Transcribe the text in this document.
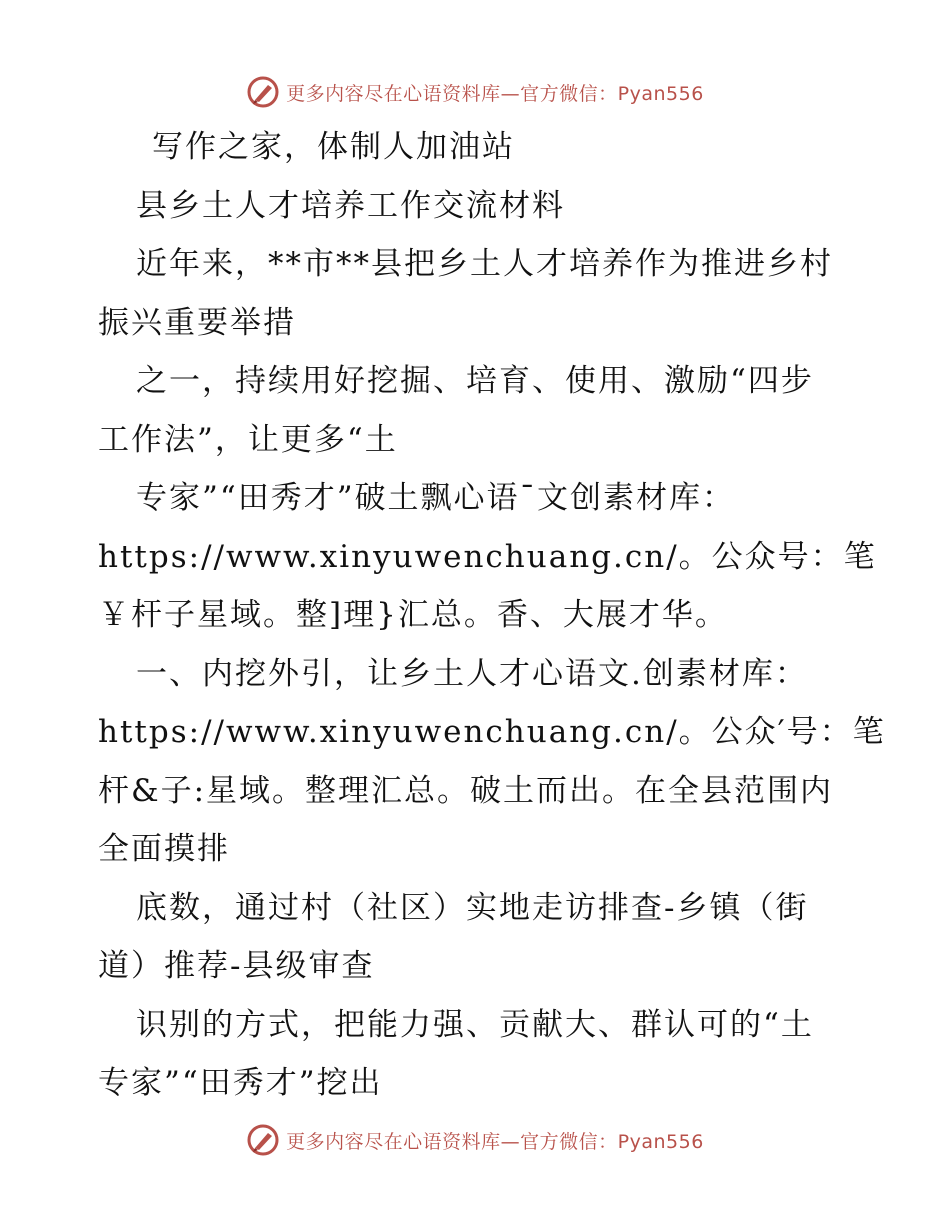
更多内容尽在心语资料库—官方微信：Pyan556
写作之家，体制人加油站
县乡土人才培养工作交流材料
近年来，**市**县把乡土人才培养作为推进乡村
振兴重要举措
之一，持续用好挖掘、培育、使用、激励“四步
工作法”，让更多“土
专家”“田秀才”破土飘心语¯文创素材库：
https://www.xinyuwenchuang.cn/。公众号：笔
￥杆子星域。整]理}汇总。香、大展才华。
一、内挖外引，让乡土人才心语文.创素材库：
https://www.xinyuwenchuang.cn/。公众′号：笔
杆&子:星域。整理汇总。破土而出。在全县范围内
全面摸排
底数，通过村（社区）实地走访排查-乡镇（街
道）推荐-县级审查
识别的方式，把能力强、贡献大、群认可的“土
专家”“田秀才”挖出
更多内容尽在心语资料库—官方微信：Pyan556
